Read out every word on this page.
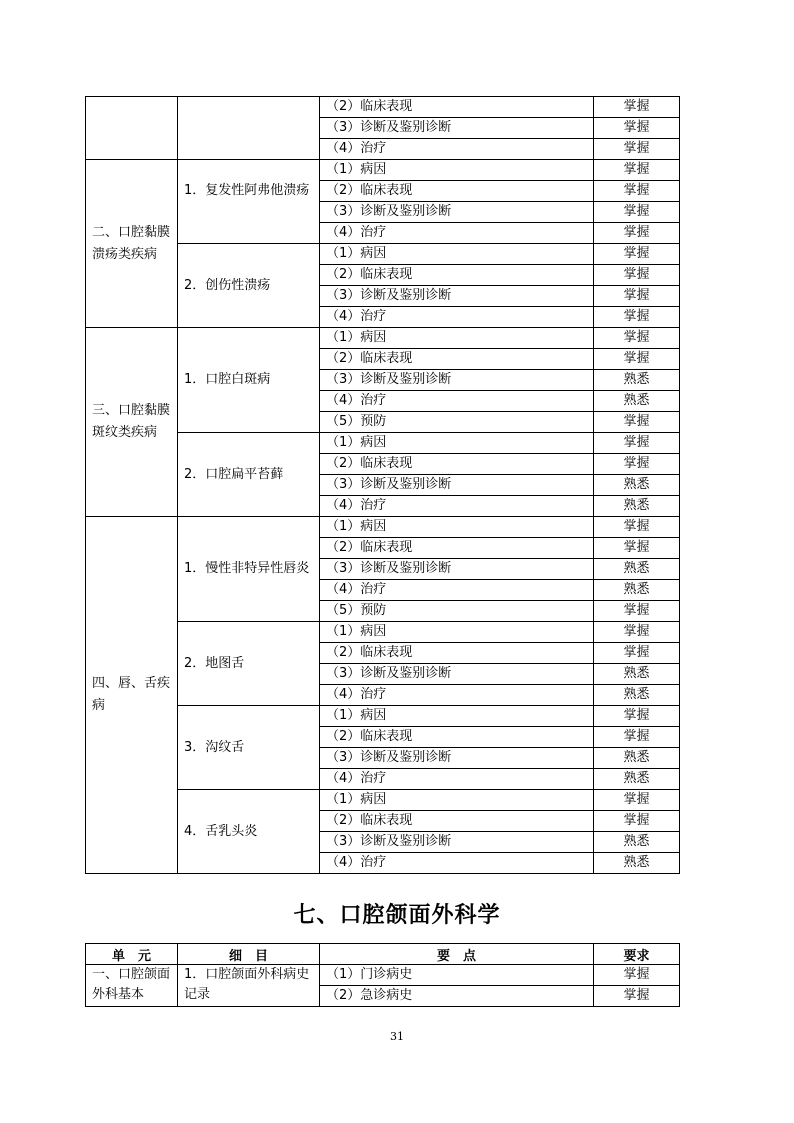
		（2）临床表现	掌握
		（3）诊断及鉴别诊断	掌握
		（4）治疗	掌握
二、口腔黏膜溃疡类疾病	1．复发性阿弗他溃疡	（1）病因	掌握
		（2）临床表现	掌握
		（3）诊断及鉴别诊断	掌握
		（4）治疗	掌握
	2．创伤性溃疡	（1）病因	掌握
		（2）临床表现	掌握
		（3）诊断及鉴别诊断	掌握
		（4）治疗	掌握
三、口腔黏膜斑纹类疾病	1．口腔白斑病	（1）病因	掌握
		（2）临床表现	掌握
		（3）诊断及鉴别诊断	熟悉
		（4）治疗	熟悉
		（5）预防	掌握
	2．口腔扁平苔藓	（1）病因	掌握
		（2）临床表现	掌握
		（3）诊断及鉴别诊断	熟悉
		（4）治疗	熟悉
四、唇、舌疾病	1．慢性非特异性唇炎	（1）病因	掌握
		（2）临床表现	掌握
		（3）诊断及鉴别诊断	熟悉
		（4）治疗	熟悉
		（5）预防	掌握
	2．地图舌	（1）病因	掌握
		（2）临床表现	掌握
		（3）诊断及鉴别诊断	熟悉
		（4）治疗	熟悉
	3．沟纹舌	（1）病因	掌握
		（2）临床表现	掌握
		（3）诊断及鉴别诊断	熟悉
		（4）治疗	熟悉
	4．舌乳头炎	（1）病因	掌握
		（2）临床表现	掌握
		（3）诊断及鉴别诊断	熟悉
		（4）治疗	熟悉
七、口腔颌面外科学
单　元	细　目	要　点	要求
一、口腔颌面外科基本	1．口腔颌面外科病史记录	（1）门诊病史	掌握
		（2）急诊病史	掌握
31
